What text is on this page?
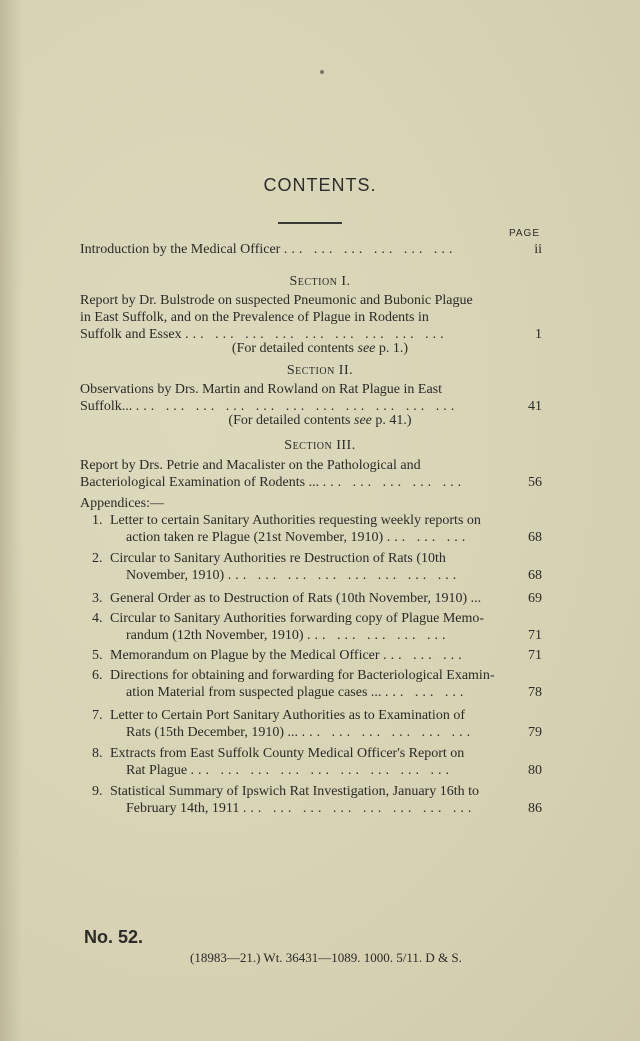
CONTENTS.
PAGE
Introduction by the Medical Officer ... ... ... ... ... ...	ii
Section I.
Report by Dr. Bulstrode on suspected Pneumonic and Bubonic Plague
in East Suffolk, and on the Prevalence of Plague in Rodents in
Suffolk and Essex ... ... ... ... ... ... ... ... ...	1
(For detailed contents see p. 1.)
Section II.
Observations by Drs. Martin and Rowland on Rat Plague in East
Suffolk... ... ... ... ... ... ... ... ... ... ... ...	41
(For detailed contents see p. 41.)
Section III.
Report by Drs. Petrie and Macalister on the Pathological and
Bacteriological Examination of Rodents ... ... ... ... ... ...	56
Appendices:—
1. Letter to certain Sanitary Authorities requesting weekly reports on
action taken re Plague (21st November, 1910) ... ... ...	68
2. Circular to Sanitary Authorities re Destruction of Rats (10th
November, 1910) ... ... ... ... ... ... ... ...	68
3. General Order as to Destruction of Rats (10th November, 1910) ...	69
4. Circular to Sanitary Authorities forwarding copy of Plague Memo-
randum (12th November, 1910) ... ... ... ... ...	71
5. Memorandum on Plague by the Medical Officer ... ... ...	71
6. Directions for obtaining and forwarding for Bacteriological Examin-
ation Material from suspected plague cases ... ... ... ...	78
7. Letter to Certain Port Sanitary Authorities as to Examination of
Rats (15th December, 1910) ... ... ... ... ... ... ...	79
8. Extracts from East Suffolk County Medical Officer's Report on
Rat Plague ... ... ... ... ... ... ... ... ...	80
9. Statistical Summary of Ipswich Rat Investigation, January 16th to
February 14th, 1911 ... ... ... ... ... ... ... ...	86
No. 52.
(18983—21.) Wt. 36431—1089. 1000. 5/11. D & S.
